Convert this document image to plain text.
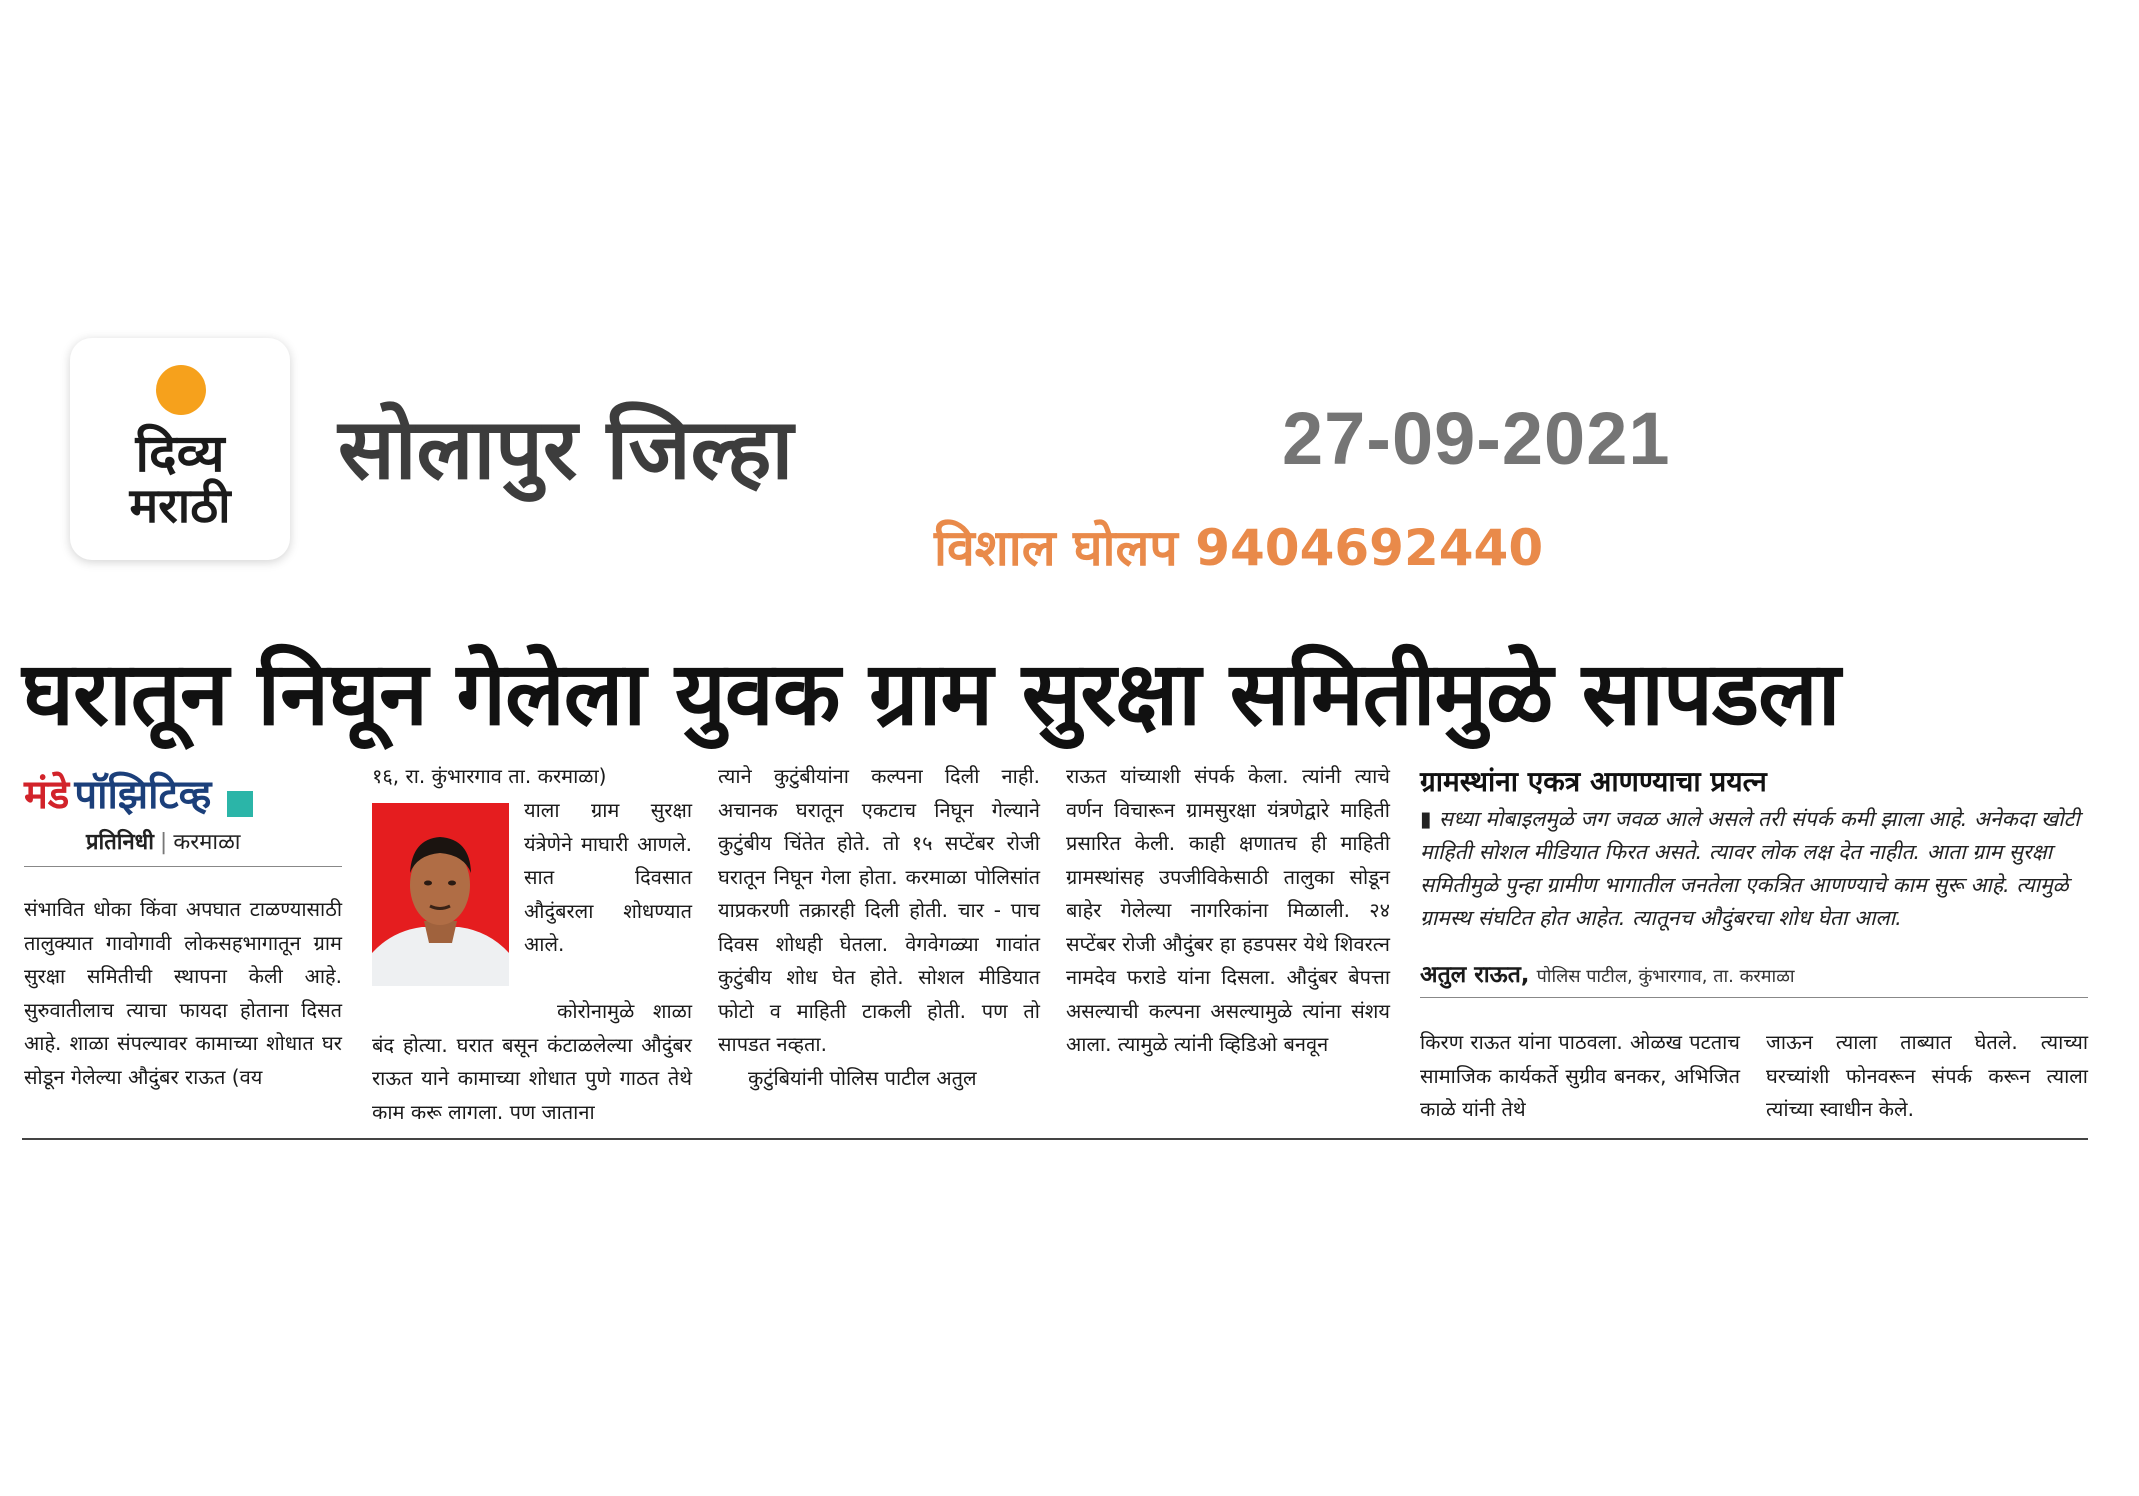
दिव्य
मराठी
सोलापुर जिल्हा	27-09-2021
विशाल घोलप 9404692440
घरातून निघून गेलेला युवक ग्राम सुरक्षा समितीमुळे सापडला
मंडे पॉझिटिव्ह
प्रतिनिधी | करमाळा

संभावित धोका किंवा अपघात टाळण्यासाठी तालुक्यात गावोगावी लोकसहभागातून ग्राम सुरक्षा समितीची स्थापना केली आहे. सुरुवातीलाच त्याचा फायदा होताना दिसत आहे. शाळा संपल्यावर कामाच्या शोधात घर सोडून गेलेल्या औदुंबर राऊत (वय

१६, रा. कुंभारगाव ता. करमाळा)

याला ग्राम सुरक्षा यंत्रेणेने माघारी आणले. सात दिवसात औदुंबरला शोधण्यात आले.

कोरोनामुळे शाळा बंद होत्या. घरात बसून कंटाळलेल्या औदुंबर राऊत याने कामाच्या शोधात पुणे गाठत तेथे काम करू लागला. पण जाताना

त्याने कुटुंबीयांना कल्पना दिली नाही. अचानक घरातून एकटाच निघून गेल्याने कुटुंबीय चिंतेत होते. तो १५ सप्टेंबर रोजी घरातून निघून गेला होता. करमाळा पोलिसांत याप्रकरणी तक्रारही दिली होती. चार - पाच दिवस शोधही घेतला. वेगवेगळ्या गावांत कुटुंबीय शोध घेत होते. सोशल मीडियात फोटो व माहिती टाकली होती. पण तो सापडत नव्हता.

कुटुंबियांनी पोलिस पाटील अतुल

राऊत यांच्याशी संपर्क केला. त्यांनी त्याचे वर्णन विचारून ग्रामसुरक्षा यंत्रणेद्वारे माहिती प्रसारित केली. काही क्षणातच ही माहिती ग्रामस्थांसह उपजीविकेसाठी तालुका सोडून बाहेर गेलेल्या नागरिकांना मिळाली. २४ सप्टेंबर रोजी औदुंबर हा हडपसर येथे शिवरत्न नामदेव फराडे यांना दिसला. औदुंबर बेपत्ता असल्याची कल्पना असल्यामुळे त्यांना संशय आला. त्यामुळे त्यांनी व्हिडिओ बनवून

ग्रामस्थांना एकत्र आणण्याचा प्रयत्न
▮ सध्या मोबाइलमुळे जग जवळ आले असले तरी संपर्क कमी झाला आहे. अनेकदा खोटी माहिती सोशल मीडियात फिरत असते. त्यावर लोक लक्ष देत नाहीत. आता ग्राम सुरक्षा समितीमुळे पुन्हा ग्रामीण भागातील जनतेला एकत्रित आणण्याचे काम सुरू आहे. त्यामुळे ग्रामस्थ संघटित होत आहेत. त्यातूनच औदुंबरचा शोध घेता आला.
अतुल राऊत, पोलिस पाटील, कुंभारगाव, ता. करमाळा

किरण राऊत यांना पाठवला. ओळख पटताच सामाजिक कार्यकर्ते सुग्रीव बनकर, अभिजित काळे यांनी तेथे

जाऊन त्याला ताब्यात घेतले. त्याच्या घरच्यांशी फोनवरून संपर्क करून त्याला त्यांच्या स्वाधीन केले.
